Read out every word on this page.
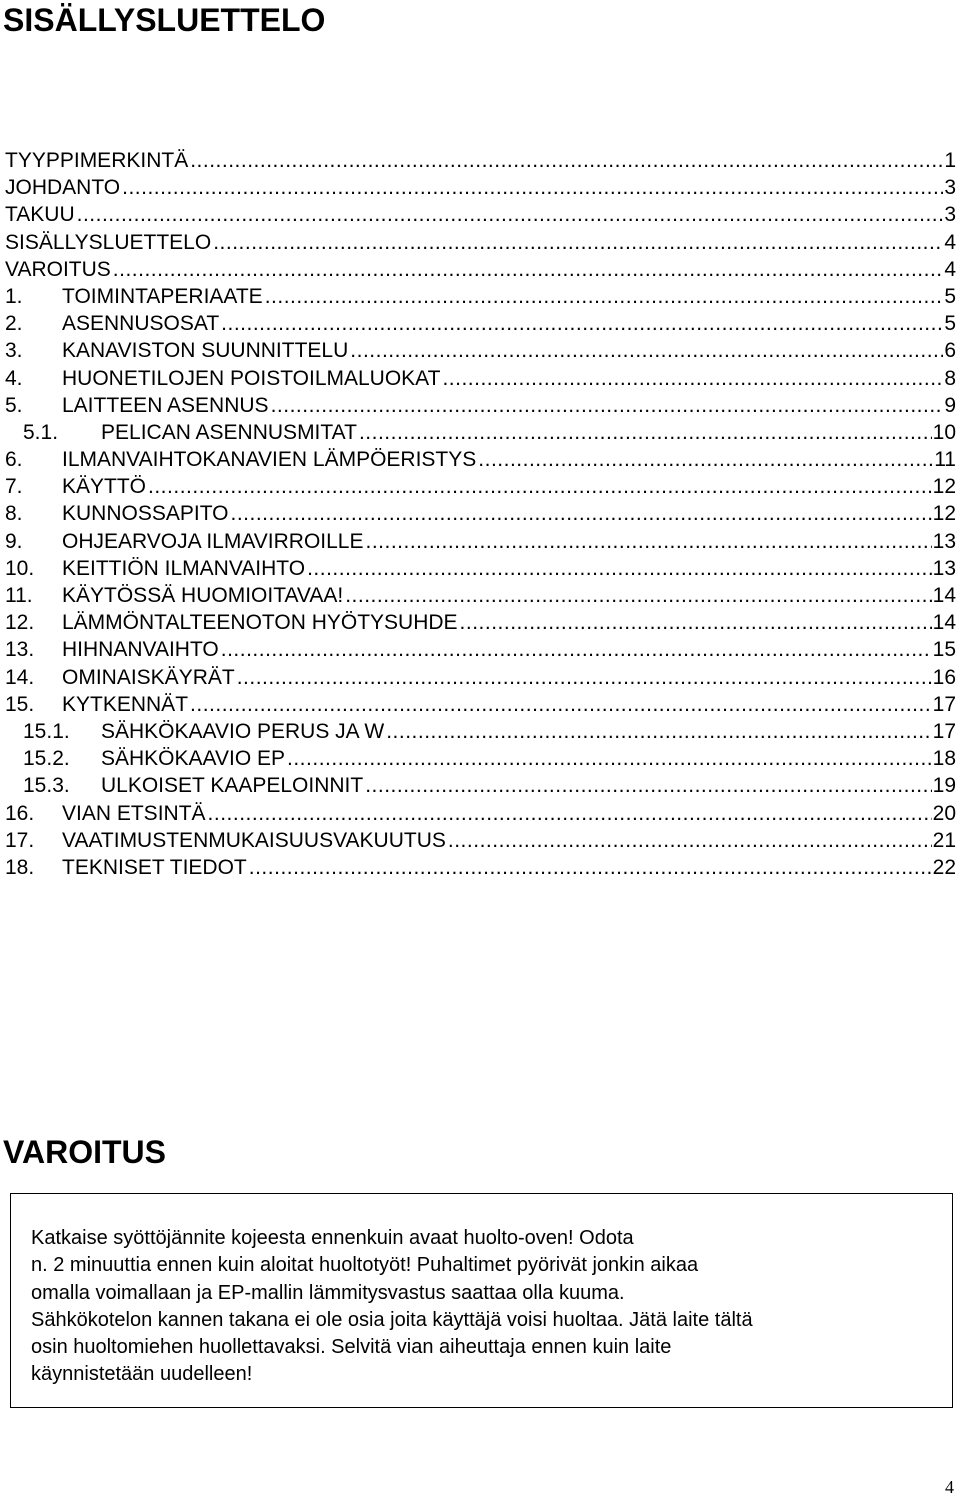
SISÄLLYSLUETTELO
TYYPPIMERKINTÄ .....	1
JOHDANTO .....	3
TAKUU .....	3
SISÄLLYSLUETTELO .....	4
VAROITUS .....	4
1.	TOIMINTAPERIAATE .....	5
2.	ASENNUSOSAT .....	5
3.	KANAVISTON SUUNNITTELU .....	6
4.	HUONETILOJEN POISTOILMALUOKAT .....	8
5.	LAITTEEN ASENNUS .....	9
5.1.	PELICAN ASENNUSMITAT .....	10
6.	ILMANVAIHTOKANAVIEN LÄMPÖERISTYS .....	11
7.	KÄYTTÖ .....	12
8.	KUNNOSSAPITO .....	12
9.	OHJEARVOJA ILMAVIRROILLE .....	13
10.	KEITTIÖN ILMANVAIHTO .....	13
11.	KÄYTÖSSÄ HUOMIOITAVAA! .....	14
12.	LÄMMÖNTALTEENOTON HYÖTYSUHDE .....	14
13.	HIHNANVAIHTO .....	15
14.	OMINAISKÄYRÄT .....	16
15.	KYTKENNÄT .....	17
15.1.	SÄHKÖKAAVIO PERUS JA W .....	17
15.2.	SÄHKÖKAAVIO EP .....	18
15.3.	ULKOISET KAAPELOINNIT .....	19
16.	VIAN ETSINTÄ .....	20
17.	VAATIMUSTENMUKAISUUSVAKUUTUS .....	21
18.	TEKNISET TIEDOT .....	22
VAROITUS

Katkaise syöttöjännite kojeesta ennenkuin avaat huolto-oven! Odota
n. 2 minuuttia ennen kuin aloitat huoltotyöt! Puhaltimet pyörivät jonkin aikaa
omalla voimallaan ja EP-mallin lämmitysvastus saattaa olla kuuma.
Sähkökotelon kannen takana ei ole osia joita käyttäjä voisi huoltaa. Jätä laite tältä
osin huoltomiehen huollettavaksi. Selvitä vian aiheuttaja ennen kuin laite
käynnistetään uudelleen!

4
